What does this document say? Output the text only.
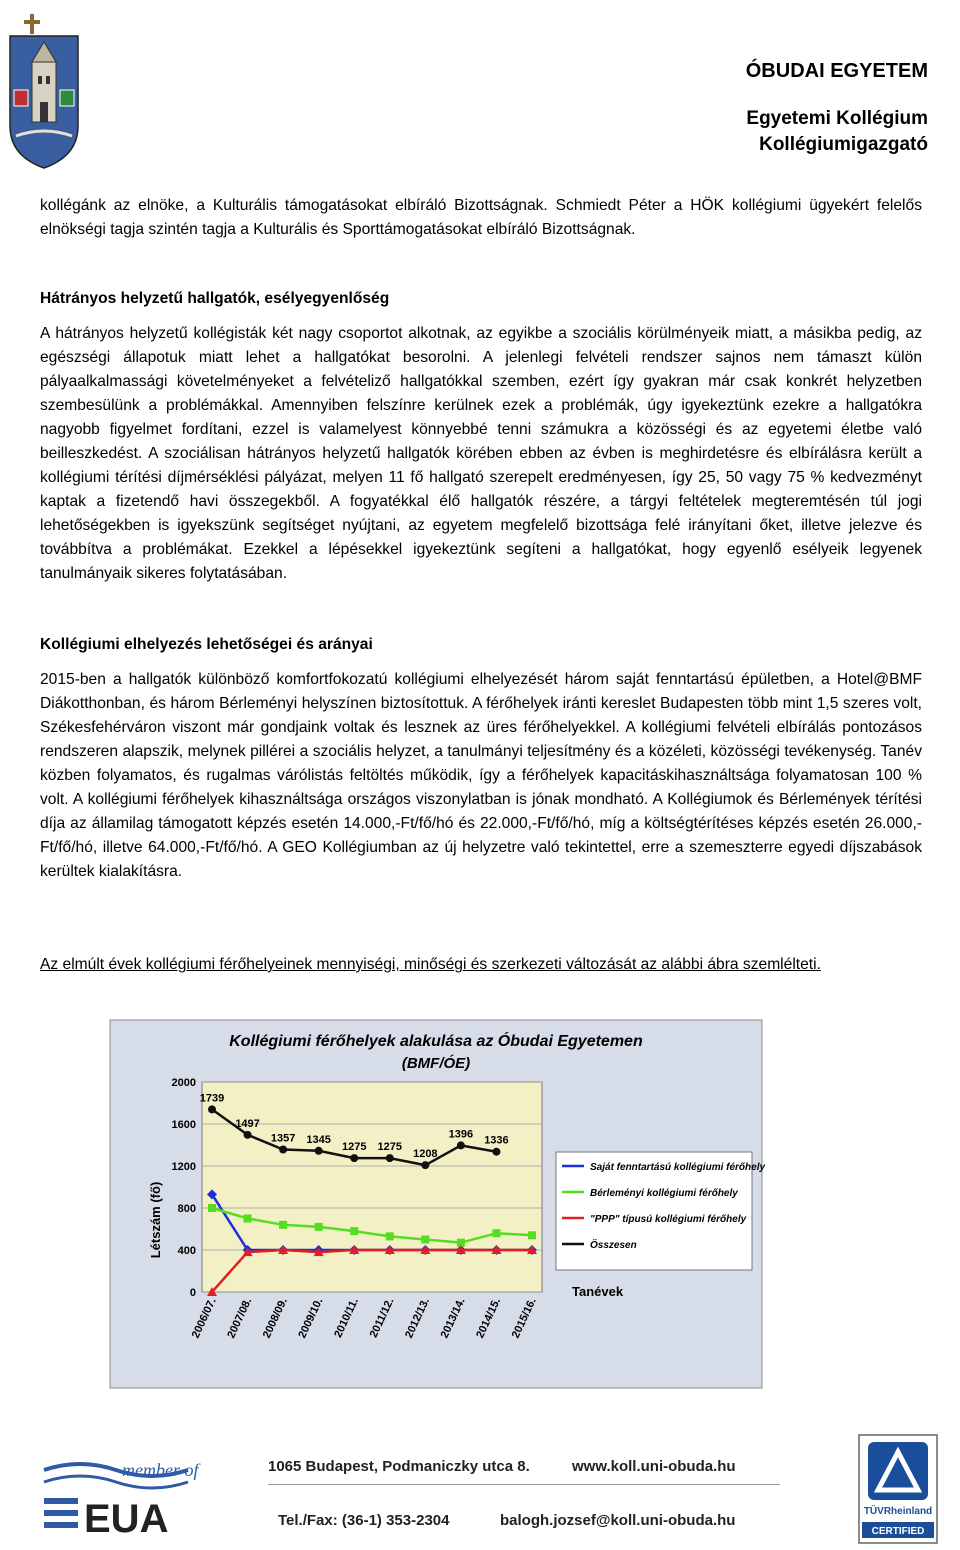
ÓBUDAI EGYETEM
Egyetemi Kollégium
Kollégiumigazgató
kollégánk az elnöke, a Kulturális támogatásokat elbíráló Bizottságnak. Schmiedt Péter a HÖK kollégiumi ügyekért felelős elnökségi tagja szintén tagja a Kulturális és Sporttámogatásokat elbíráló Bizottságnak.
Hátrányos helyzetű hallgatók, esélyegyenlőség
A hátrányos helyzetű kollégisták két nagy csoportot alkotnak, az egyikbe a szociális körülményeik miatt, a másikba pedig, az egészségi állapotuk miatt lehet a hallgatókat besorolni. A jelenlegi felvételi rendszer sajnos nem támaszt külön pályaalkalmassági követelményeket a felvételiző hallgatókkal szemben, ezért így gyakran már csak konkrét helyzetben szembesülünk a problémákkal. Amennyiben felszínre kerülnek ezek a problémák, úgy igyekeztünk ezekre a hallgatókra nagyobb figyelmet fordítani, ezzel is valamelyest könnyebbé tenni számukra a közösségi és az egyetemi életbe való beilleszkedést. A szociálisan hátrányos helyzetű hallgatók körében ebben az évben is meghirdetésre és elbírálásra került a kollégiumi térítési díjmérséklési pályázat, melyen 11 fő hallgató szerepelt eredményesen, így 25, 50 vagy 75 % kedvezményt kaptak a fizetendő havi összegekből. A fogyatékkal élő hallgatók részére, a tárgyi feltételek megteremtésén túl jogi lehetőségekben is igyekszünk segítséget nyújtani, az egyetem megfelelő bizottsága felé irányítani őket, illetve jelezve és továbbítva a problémákat. Ezekkel a lépésekkel igyekeztünk segíteni a hallgatókat, hogy egyenlő esélyeik legyenek tanulmányaik sikeres folytatásában.
Kollégiumi elhelyezés lehetőségei és arányai
2015-ben a hallgatók különböző komfortfokozatú kollégiumi elhelyezését három saját fenntartású épületben, a Hotel@BMF Diákotthonban, és három Bérleményi helyszínen biztosítottuk. A férőhelyek iránti kereslet Budapesten több mint 1,5 szeres volt, Székesfehérváron viszont már gondjaink voltak és lesznek az üres férőhelyekkel. A kollégiumi felvételi elbírálás pontozásos rendszeren alapszik, melynek pillérei a szociális helyzet, a tanulmányi teljesítmény és a közéleti, közösségi tevékenység. Tanév közben folyamatos, és rugalmas várólistás feltöltés működik, így a férőhelyek kapacitáskihasználtsága folyamatosan 100 % volt. A kollégiumi férőhelyek kihasználtsága országos viszonylatban is jónak mondható. A Kollégiumok és Bérlemények térítési díja az államilag támogatott képzés esetén 14.000,-Ft/fő/hó és 22.000,-Ft/fő/hó, míg a költségtérítéses képzés esetén 26.000,-Ft/fő/hó, illetve 64.000,-Ft/fő/hó. A GEO Kollégiumban az új helyzetre való tekintettel, erre a szemeszterre egyedi díjszabások kerültek kialakításra.
Az elmúlt évek kollégiumi férőhelyeinek mennyiségi, minőségi és szerkezeti változását az alábbi ábra szemlélteti.
0
400
800
1200
1600
2000
2006/07. 2007/08. 2008/09. 2009/10. 2010/11. 2011/12. 2012/13. 2013/14. 2014/15. 2015/16.
1739
1497
1357 1345
1275 1275
1208
1396
1336
Kollégiumi férőhelyek alakulása az Óbudai Egyetemen
(BMF/ÓE)
Létszám (fő)
Tanévek
Saját fenntartású kollégiumi férőhely
Bérleményi kollégiumi férőhely
"PPP" típusú kollégiumi férőhely
Összesen
member of
EUA
1065 Budapest, Podmaniczky utca 8.	www.koll.uni-obuda.hu
Tel./Fax: (36-1) 353-2304	balogh.jozsef@koll.uni-obuda.hu
TÜVRheinland
CERTIFIED
